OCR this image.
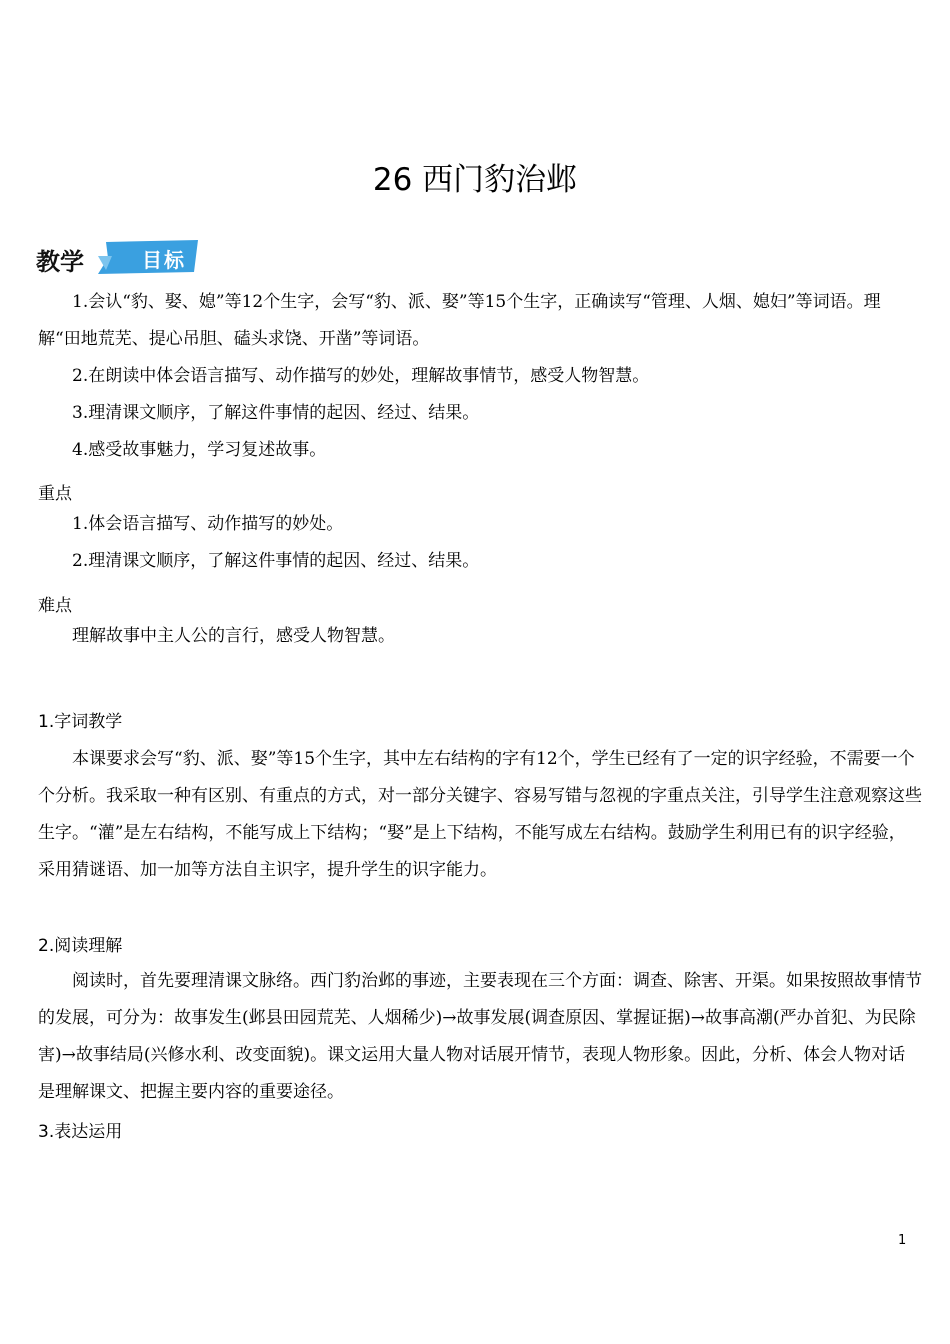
26 西门豹治邺
教学	目标
1.会认“豹、娶、媳”等12个生字，会写“豹、派、娶”等15个生字，正确读写“管理、人烟、媳妇”等词语。理解“田地荒芜、提心吊胆、磕头求饶、开凿”等词语。
2.在朗读中体会语言描写、动作描写的妙处，理解故事情节，感受人物智慧。
3.理清课文顺序，了解这件事情的起因、经过、结果。
4.感受故事魅力，学习复述故事。
重点
1.体会语言描写、动作描写的妙处。
2.理清课文顺序，了解这件事情的起因、经过、结果。
难点
理解故事中主人公的言行，感受人物智慧。
1.字词教学
本课要求会写“豹、派、娶”等15个生字，其中左右结构的字有12个，学生已经有了一定的识字经验，不需要一个个分析。我采取一种有区别、有重点的方式，对一部分关键字、容易写错与忽视的字重点关注，引导学生注意观察这些生字。“灌”是左右结构，不能写成上下结构；“娶”是上下结构，不能写成左右结构。鼓励学生利用已有的识字经验，采用猜谜语、加一加等方法自主识字，提升学生的识字能力。
2.阅读理解
阅读时，首先要理清课文脉络。西门豹治邺的事迹，主要表现在三个方面：调查、除害、开渠。如果按照故事情节的发展，可分为：故事发生(邺县田园荒芜、人烟稀少)→故事发展(调查原因、掌握证据)→故事高潮(严办首犯、为民除害)→故事结局(兴修水利、改变面貌)。课文运用大量人物对话展开情节，表现人物形象。因此，分析、体会人物对话是理解课文、把握主要内容的重要途径。
3.表达运用
1
